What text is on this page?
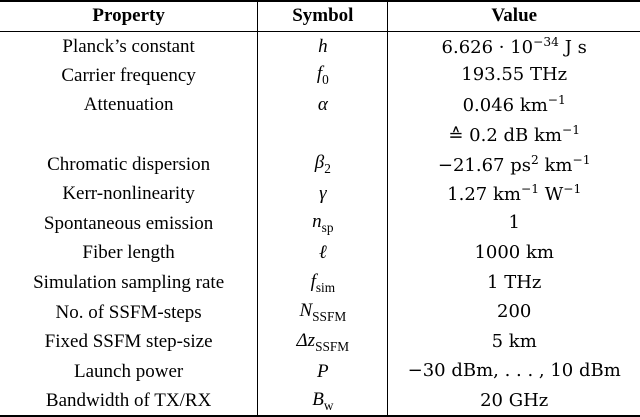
Property	Symbol	Value
Planck’s constant	h	$6.626 \cdot 10^{-34}$ J s
Carrier frequency	$f_0$	193.55 THz
Attenuation	α	0.046 $km^{-1}$
		≙ 0.2 dB $km^{-1}$
Chromatic dispersion	$\beta_2$	−21.67 $ps^2$ $km^{-1}$
Kerr-nonlinearity	γ	1.27 $km^{-1}$ $W^{-1}$
Spontaneous emission	$n_{sp}$	1
Fiber length	ℓ	1000 km
Simulation sampling rate	$f_{sim}$	1 THz
No. of SSFM-steps	$N_{SSFM}$	200
Fixed SSFM step-size	$\Delta z_{SSFM}$	5 km
Launch power	P	−30 dBm, . . . , 10 dBm
Bandwidth of TX/RX	$B_w$	20 GHz
